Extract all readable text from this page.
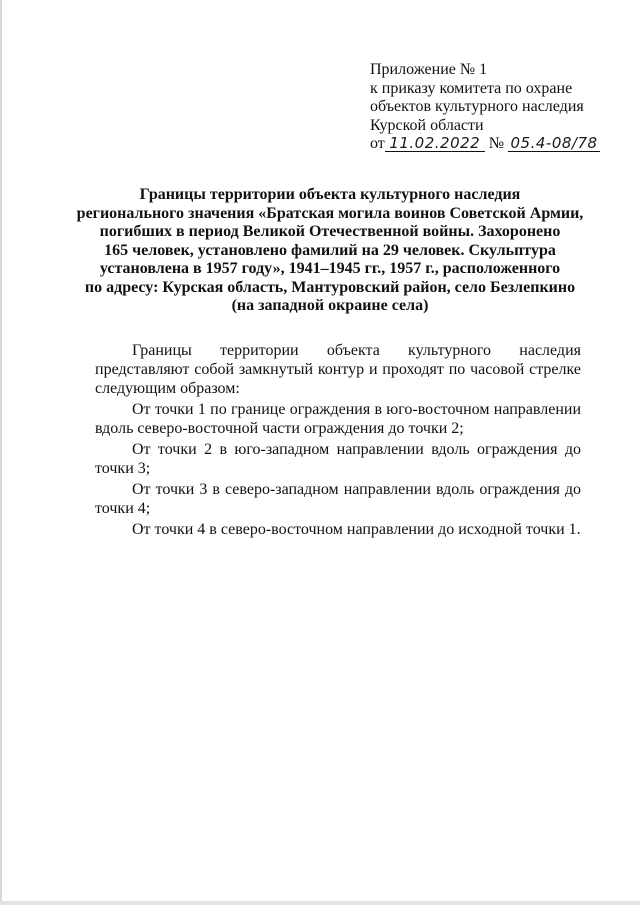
Приложение № 1
к приказу комитета по охране
объектов культурного наследия
Курской области
от 11.02.2022 № 05.4-08/78
Границы территории объекта культурного наследия
регионального значения «Братская могила воинов Советской Армии,
погибших в период Великой Отечественной войны. Захоронено
165 человек, установлено фамилий на 29 человек. Скульптура
установлена в 1957 году», 1941–1945 гг., 1957 г., расположенного
по адресу: Курская область, Мантуровский район, село Безлепкино
(на западной окраине села)

Границы территории объекта культурного наследия представляют собой замкнутый контур и проходят по часовой стрелке следующим образом:

От точки 1 по границе ограждения в юго-восточном направлении вдоль северо-восточной части ограждения до точки 2;

От точки 2 в юго-западном направлении вдоль ограждения до точки 3;

От точки 3 в северо-западном направлении вдоль ограждения до точки 4;

От точки 4 в северо-восточном направлении до исходной точки 1.
